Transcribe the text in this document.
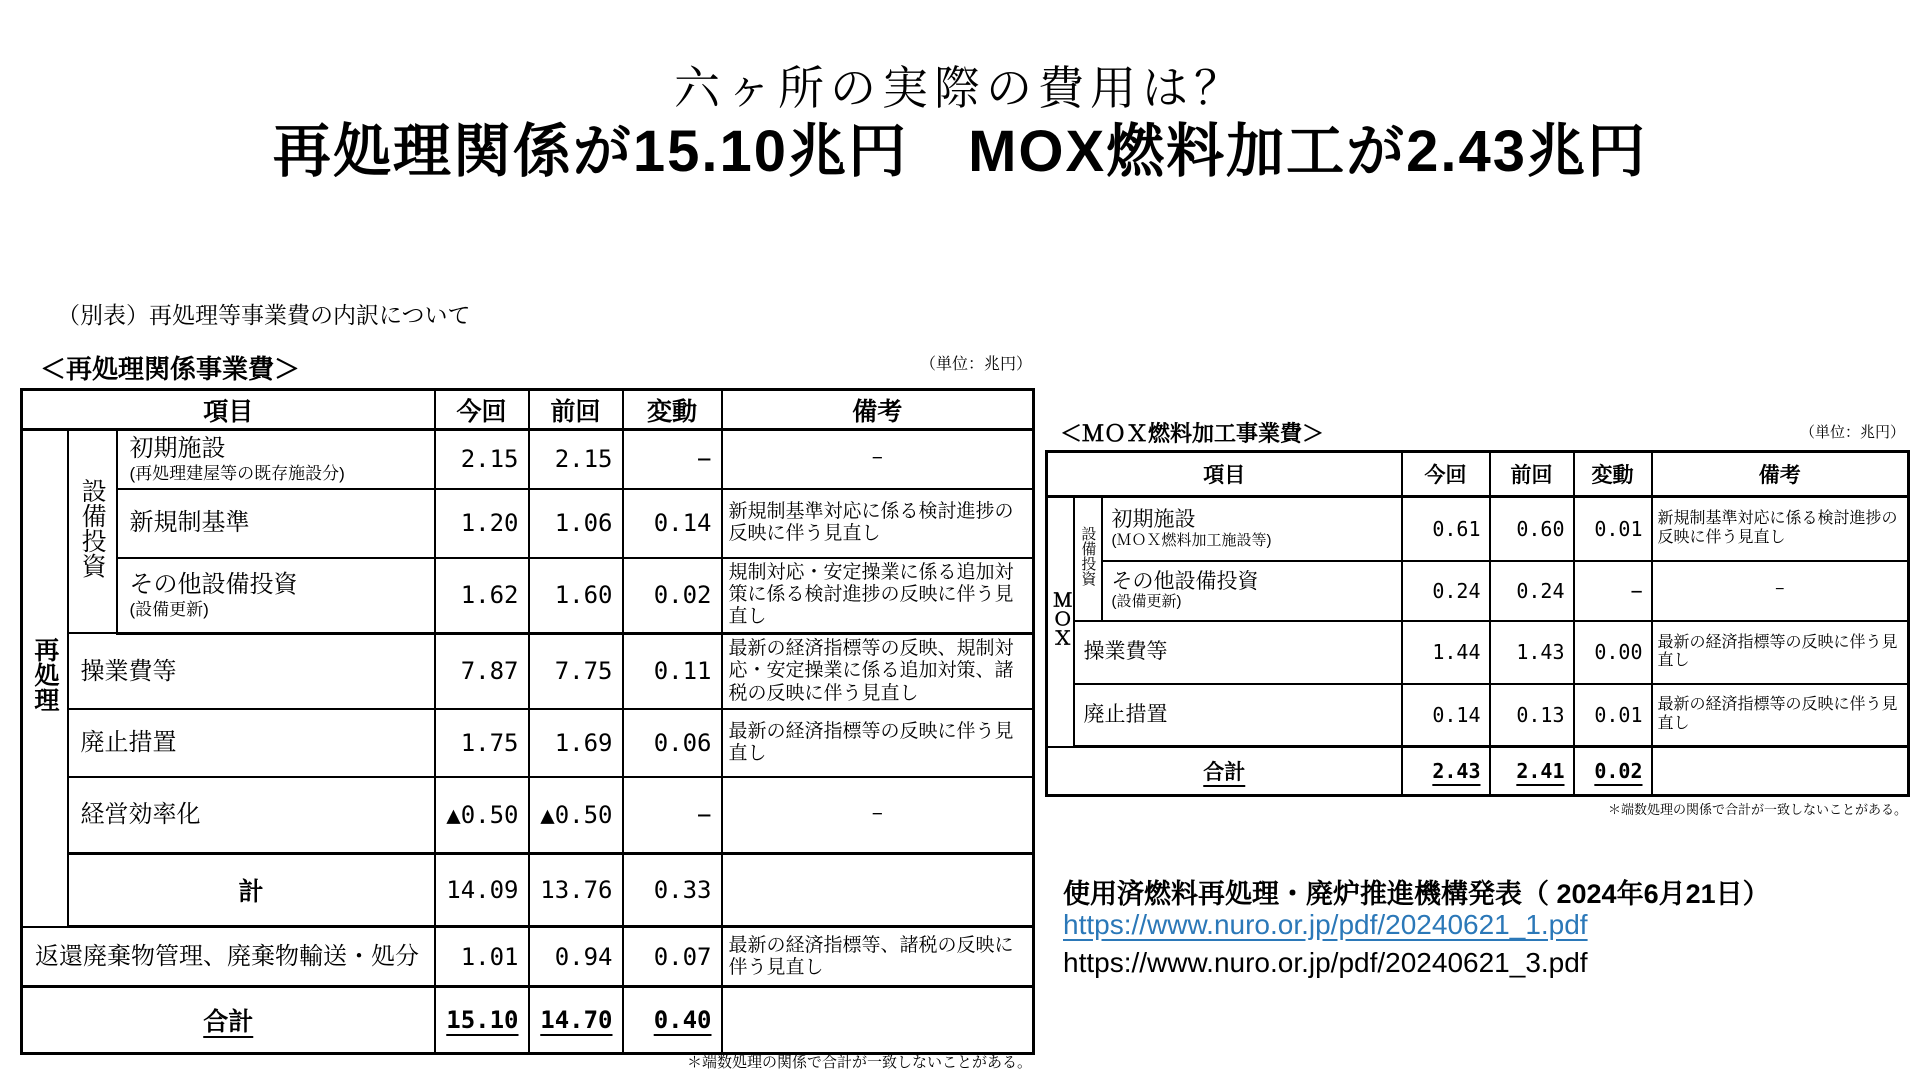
六ヶ所の実際の費用は？
再処理関係が15.10兆円　MOX燃料加工が2.43兆円
（別表）再処理等事業費の内訳について
＜再処理関係事業費＞	（単位：兆円）
項目			今回	前回	変動	備考
再処理	設備投資	初期施設
(再処理建屋等の既存施設分)	2.15	2.15	−	−

		新規制基準	1.20	1.06	0.14	新規制基準対応に係る検討進捗の反映に伴う見直し

		その他設備投資
(設備更新)	1.62	1.60	0.02	規制対応・安定操業に係る追加対策に係る検討進捗の反映に伴う見直し

	操業費等		7.87	7.75	0.11	最新の経済指標等の反映、規制対応・安定操業に係る追加対策、諸税の反映に伴う見直し

	廃止措置		1.75	1.69	0.06	最新の経済指標等の反映に伴う見直し

	経営効率化		▲0.50	▲0.50	−	−
	計		14.09	13.76	0.33	

返還廃棄物管理、廃棄物輸送・処分			1.01	0.94	0.07	最新の経済指標等、諸税の反映に伴う見直し
合計			15.10	14.70	0.40	
＊端数処理の関係で合計が一致しないことがある。
＜ＭＯＸ燃料加工事業費＞	（単位：兆円）
項目			今回	前回	変動	備考
ＭＯＸ	設備投資	初期施設
(ＭＯＸ燃料加工施設等)	0.61	0.60	0.01	新規制基準対応に係る検討進捗の反映に伴う見直し

		その他設備投資
(設備更新)	0.24	0.24	−	−

	操業費等		1.44	1.43	0.00	最新の経済指標等の反映に伴う見直し

	廃止措置		0.14	0.13	0.01	最新の経済指標等の反映に伴う見直し
合計			2.43	2.41	0.02	
＊端数処理の関係で合計が一致しないことがある。
使用済燃料再処理・廃炉推進機構発表（ 2024年6月21日）
https://www.nuro.or.jp/pdf/20240621_1.pdf
https://www.nuro.or.jp/pdf/20240621_3.pdf
